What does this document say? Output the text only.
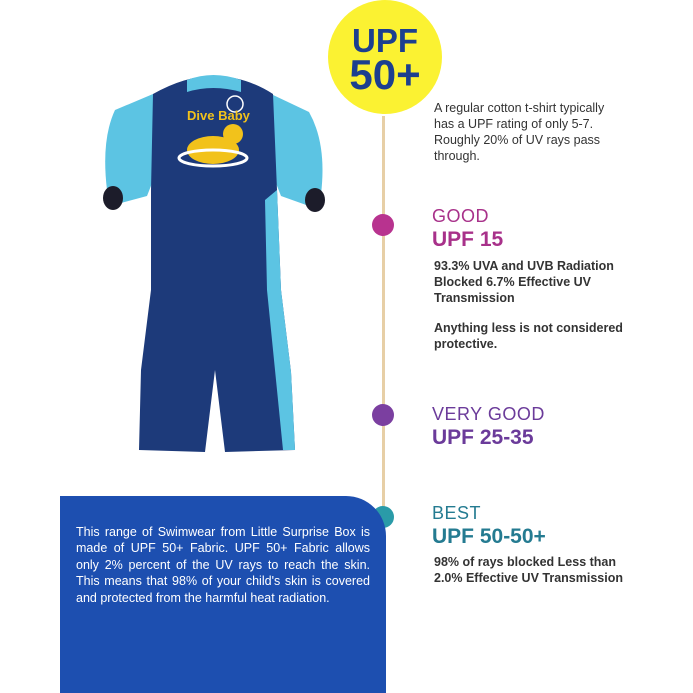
Dive Baby
UPF
50+
A regular cotton t-shirt typically has a UPF rating of only 5-7. Roughly 20% of UV rays pass through.
GOOD
UPF 15
93.3% UVA and UVB Radiation Blocked 6.7% Effective UV Transmission
Anything less is not considered protective.
VERY GOOD
UPF 25-35
BEST
UPF 50-50+
98% of rays blocked Less than 2.0% Effective UV Transmission
This range of Swimwear from Little Surprise Box is made of UPF 50+ Fabric. UPF 50+ Fabric allows only 2% percent of the UV rays to reach the skin. This means that 98% of your child's skin is covered and protected from the harmful heat radiation.
